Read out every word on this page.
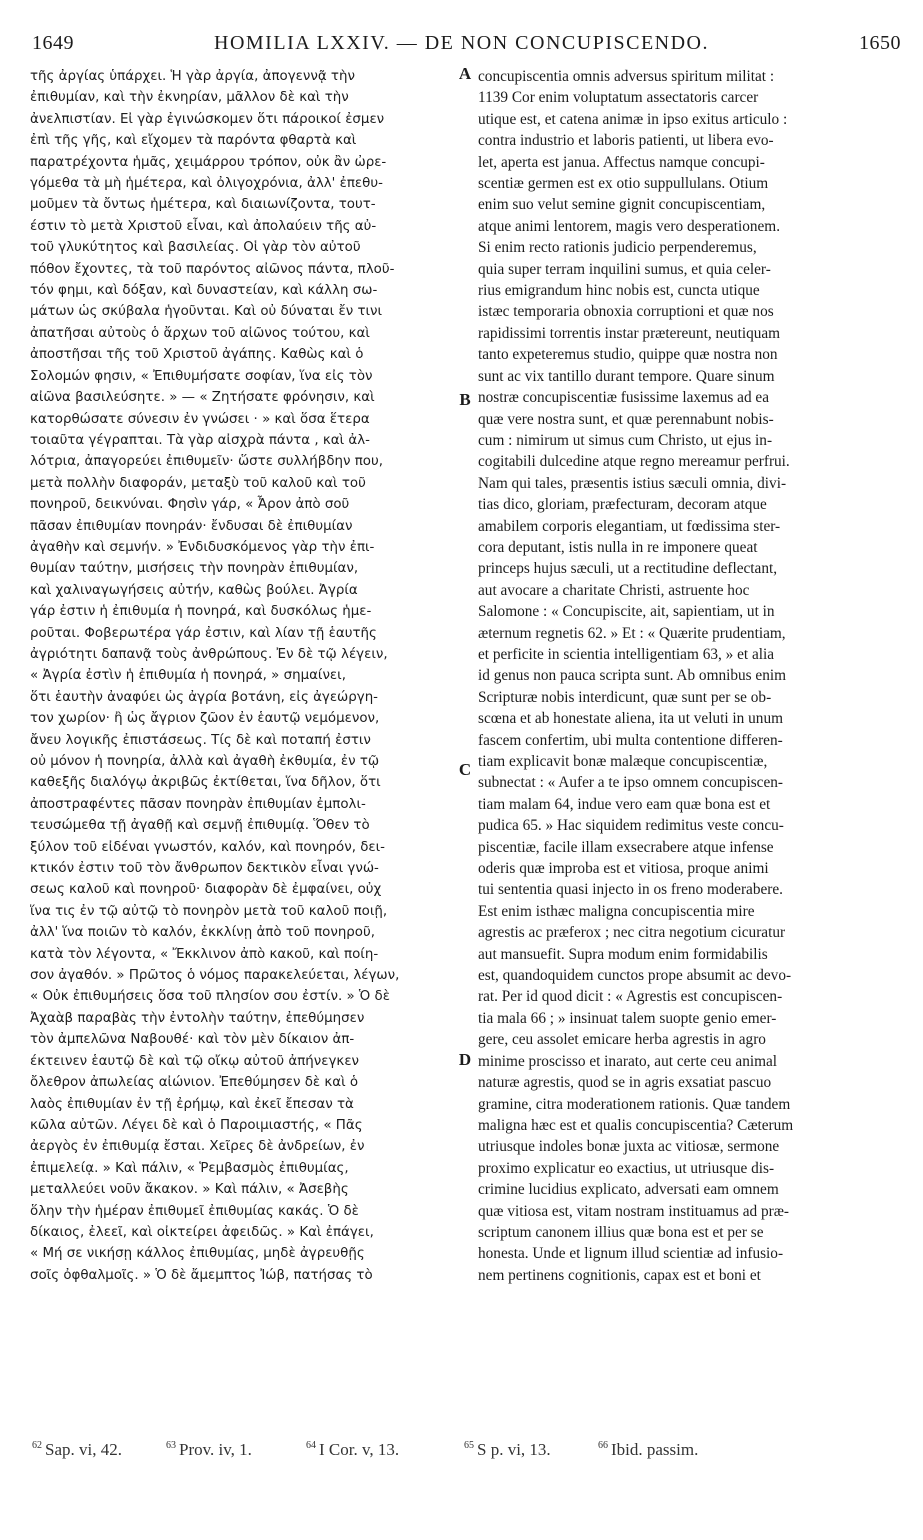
1649	HOMILIA LXXIV. — DE NON CONCUPISCENDO.	1650
τῆς ἀργίας ὑπάρχει. Ἡ γὰρ ἀργία, ἀπογεννᾷ τὴν
ἐπιθυμίαν, καὶ τὴν ἐκνηρίαν, μᾶλλον δὲ καὶ τὴν
ἀνελπιστίαν. Εἰ γὰρ ἐγινώσκομεν ὅτι πάροικοί ἐσμεν
ἐπὶ τῆς γῆς, καὶ εἴχομεν τὰ παρόντα φθαρτὰ καὶ
παρατρέχοντα ἡμᾶς, χειμάρρου τρόπον, οὐκ ἂν ὠρε-
γόμεθα τὰ μὴ ἡμέτερα, καὶ ὀλιγοχρόνια, ἀλλ' ἐπεθυ-
μοῦμεν τὰ ὄντως ἡμέτερα, καὶ διαιωνίζοντα, τουτ-
έστιν τὸ μετὰ Χριστοῦ εἶναι, καὶ ἀπολαύειν τῆς αὐ-
τοῦ γλυκύτητος καὶ βασιλείας. Οἱ γὰρ τὸν αὐτοῦ
πόθον ἔχοντες, τὰ τοῦ παρόντος αἰῶνος πάντα, πλοῦ-
τόν φημι, καὶ δόξαν, καὶ δυναστείαν, καὶ κάλλη σω-
μάτων ὡς σκύβαλα ἡγοῦνται. Καὶ οὐ δύναται ἔν τινι
ἀπατῆσαι αὐτοὺς ὁ ἄρχων τοῦ αἰῶνος τούτου, καὶ
ἀποστῆσαι τῆς τοῦ Χριστοῦ ἀγάπης. Καθὼς καὶ ὁ
Σολομών φησιν, « Ἐπιθυμήσατε σοφίαν, ἵνα εἰς τὸν
αἰῶνα βασιλεύσητε. » — « Ζητήσατε φρόνησιν, καὶ
κατορθώσατε σύνεσιν ἐν γνώσει · » καὶ ὅσα ἕτερα
τοιαῦτα γέγραπται. Τὰ γὰρ αἰσχρὰ πάντα , καὶ ἀλ-
λότρια, ἀπαγορεύει ἐπιθυμεῖν· ὥστε συλλήβδην που,
μετὰ πολλὴν διαφοράν, μεταξὺ τοῦ καλοῦ καὶ τοῦ
πονηροῦ, δεικνύναι. Φησὶν γάρ, « Ἆρον ἀπὸ σοῦ
πᾶσαν ἐπιθυμίαν πονηράν· ἔνδυσαι δὲ ἐπιθυμίαν
ἀγαθὴν καὶ σεμνήν. » Ἐνδιδυσκόμενος γὰρ τὴν ἐπι-
θυμίαν ταύτην, μισήσεις τὴν πονηρὰν ἐπιθυμίαν,
καὶ χαλιναγωγήσεις αὐτήν, καθὼς βούλει. Ἀγρία
γάρ ἐστιν ἡ ἐπιθυμία ἡ πονηρά, καὶ δυσκόλως ἡμε-
ροῦται. Φοβερωτέρα γάρ ἐστιν, καὶ λίαν τῇ ἑαυτῆς
ἀγριότητι δαπανᾷ τοὺς ἀνθρώπους. Ἐν δὲ τῷ λέγειν,
« Ἀγρία ἐστὶν ἡ ἐπιθυμία ἡ πονηρά, » σημαίνει,
ὅτι ἑαυτὴν ἀναφύει ὡς ἀγρία βοτάνη, εἰς ἀγεώργη-
τον χωρίον· ἢ ὡς ἄγριον ζῶον ἐν ἑαυτῷ νεμόμενον,
ἄνευ λογικῆς ἐπιστάσεως. Τίς δὲ καὶ ποταπή ἐστιν
οὐ μόνον ἡ πονηρία, ἀλλὰ καὶ ἀγαθὴ ἐκθυμία, ἐν τῷ
καθεξῆς διαλόγῳ ἀκριβῶς ἐκτίθεται, ἵνα δῆλον, ὅτι
ἀποστραφέντες πᾶσαν πονηρὰν ἐπιθυμίαν ἐμπολι-
τευσώμεθα τῇ ἀγαθῇ καὶ σεμνῇ ἐπιθυμίᾳ. Ὅθεν τὸ
ξύλον τοῦ εἰδέναι γνωστόν, καλόν, καὶ πονηρόν, δει-
κτικόν ἐστιν τοῦ τὸν ἄνθρωπον δεκτικὸν εἶναι γνώ-
σεως καλοῦ καὶ πονηροῦ· διαφορὰν δὲ ἐμφαίνει, οὐχ
ἵνα τις ἐν τῷ αὐτῷ τὸ πονηρὸν μετὰ τοῦ καλοῦ ποιῇ,
ἀλλ' ἵνα ποιῶν τὸ καλόν, ἐκκλίνῃ ἀπὸ τοῦ πονηροῦ,
κατὰ τὸν λέγοντα, « Ἔκκλινον ἀπὸ κακοῦ, καὶ ποίη-
σον ἀγαθόν. » Πρῶτος ὁ νόμος παρακελεύεται, λέγων,
« Οὐκ ἐπιθυμήσεις ὅσα τοῦ πλησίον σου ἐστίν. » Ὁ δὲ
Ἀχαὰβ παραβὰς τὴν ἐντολὴν ταύτην, ἐπεθύμησεν
τὸν ἀμπελῶνα Ναβουθέ· καὶ τὸν μὲν δίκαιον ἀπ-
έκτεινεν ἑαυτῷ δὲ καὶ τῷ οἴκῳ αὐτοῦ ἀπήνεγκεν
ὄλεθρον ἀπωλείας αἰώνιον. Ἐπεθύμησεν δὲ καὶ ὁ
λαὸς ἐπιθυμίαν ἐν τῇ ἐρήμῳ, καὶ ἐκεῖ ἔπεσαν τὰ
κῶλα αὐτῶν. Λέγει δὲ καὶ ὁ Παροιμιαστής, « Πᾶς
ἀεργὸς ἐν ἐπιθυμίᾳ ἔσται. Χεῖρες δὲ ἀνδρείων, ἐν
ἐπιμελείᾳ. » Καὶ πάλιν, « Ῥεμβασμὸς ἐπιθυμίας,
μεταλλεύει νοῦν ἄκακον. » Καὶ πάλιν, « Ἀσεβὴς
ὅλην τὴν ἡμέραν ἐπιθυμεῖ ἐπιθυμίας κακάς. Ὁ δὲ
δίκαιος, ἐλεεῖ, καὶ οἰκτείρει ἀφειδῶς. » Καὶ ἐπάγει,
« Μή σε νικήσῃ κάλλος ἐπιθυμίας, μηδὲ ἀγρευθῇς
σοῖς ὀφθαλμοῖς. » Ὁ δὲ ἄμεμπτος Ἰώβ, πατήσας τὸ
A
B
C
D
concupiscentia omnis adversus spiritum militat :
1139 Cor enim voluptatum assectatoris carcer
utique est, et catena animæ in ipso exitus articulo :
contra industrio et laboris patienti, ut libera evo-
let, aperta est janua. Affectus namque concupi-
scentiæ germen est ex otio suppullulans. Otium
enim suo velut semine gignit concupiscentiam,
atque animi lentorem, magis vero desperationem.
Si enim recto rationis judicio perpenderemus,
quia super terram inquilini sumus, et quia celer-
rius emigrandum hinc nobis est, cuncta utique
istæc temporaria obnoxia corruptioni et quæ nos
rapidissimi torrentis instar prætereunt, neutiquam
tanto expeteremus studio, quippe quæ nostra non
sunt ac vix tantillo durant tempore. Quare sinum
nostræ concupiscentiæ fusissime laxemus ad ea
quæ vere nostra sunt, et quæ perennabunt nobis-
cum : nimirum ut simus cum Christo, ut ejus in-
cogitabili dulcedine atque regno mereamur perfrui.
Nam qui tales, præsentis istius sæculi omnia, divi-
tias dico, gloriam, præfecturam, decoram atque
amabilem corporis elegantiam, ut fœdissima ster-
cora deputant, istis nulla in re imponere queat
princeps hujus sæculi, ut a rectitudine deflectant,
aut avocare a charitate Christi, astruente hoc
Salomone : « Concupiscite, ait, sapientiam, ut in
æternum regnetis 62. » Et : « Quærite prudentiam,
et perficite in scientia intelligentiam 63, » et alia
id genus non pauca scripta sunt. Ab omnibus enim
Scripturæ nobis interdicunt, quæ sunt per se ob-
scœna et ab honestate aliena, ita ut veluti in unum
fascem confertim, ubi multa contentione differen-
tiam explicavit bonæ malæque concupiscentiæ,
subnectat : « Aufer a te ipso omnem concupiscen-
tiam malam 64, indue vero eam quæ bona est et
pudica 65. » Hac siquidem redimitus veste concu-
piscentiæ, facile illam exsecrabere atque infense
oderis quæ improba est et vitiosa, proque animi
tui sententia quasi injecto in os freno moderabere.
Est enim isthæc maligna concupiscentia mire
agrestis ac præferox ; nec citra negotium cicuratur
aut mansuefit. Supra modum enim formidabilis
est, quandoquidem cunctos prope absumit ac devo-
rat. Per id quod dicit : « Agrestis est concupiscen-
tia mala 66 ; » insinuat talem suopte genio emer-
gere, ceu assolet emicare herba agrestis in agro
minime proscisso et inarato, aut certe ceu animal
naturæ agrestis, quod se in agris exsatiat pascuo
gramine, citra moderationem rationis. Quæ tandem
maligna hæc est et qualis concupiscentia? Cæterum
utriusque indoles bonæ juxta ac vitiosæ, sermone
proximo explicatur eo exactius, ut utriusque dis-
crimine lucidius explicato, adversati eam omnem
quæ vitiosa est, vitam nostram instituamus ad præ-
scriptum canonem illius quæ bona est et per se
honesta. Unde et lignum illud scientiæ ad infusio-
nem pertinens cognitionis, capax est et boni et
$^{62}$ Sap. vi, 42.	$^{63}$ Prov. iv, 1.	$^{64}$ I Cor. v, 13.	$^{65}$ S p. vi, 13.	$^{66}$ Ibid. passim.
